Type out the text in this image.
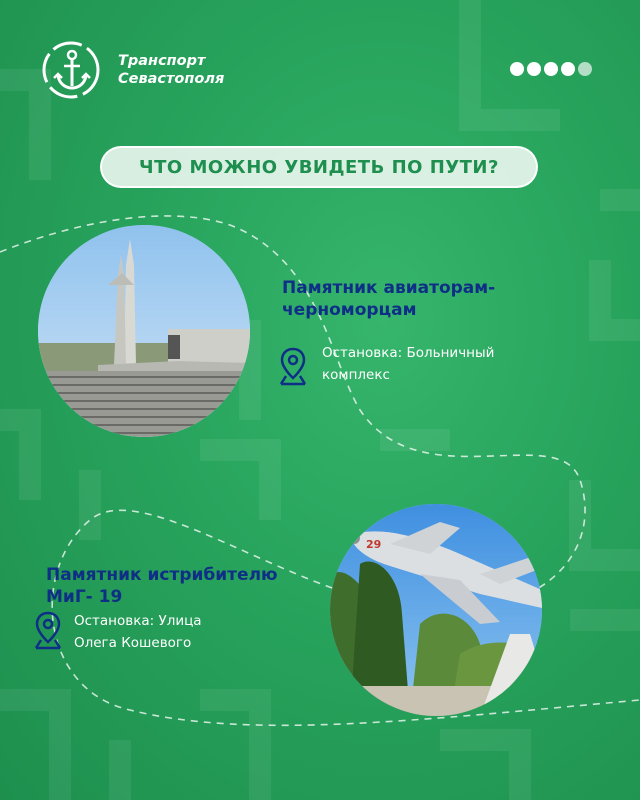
Транспорт
Севастополя
ЧТО МОЖНО УВИДЕТЬ ПО ПУТИ?
Памятник авиаторам-
черноморцам
Остановка: Больничный
комплекс
Памятник истрибителю
МиГ- 19
Остановка: Улица
Олега Кошевого
29
